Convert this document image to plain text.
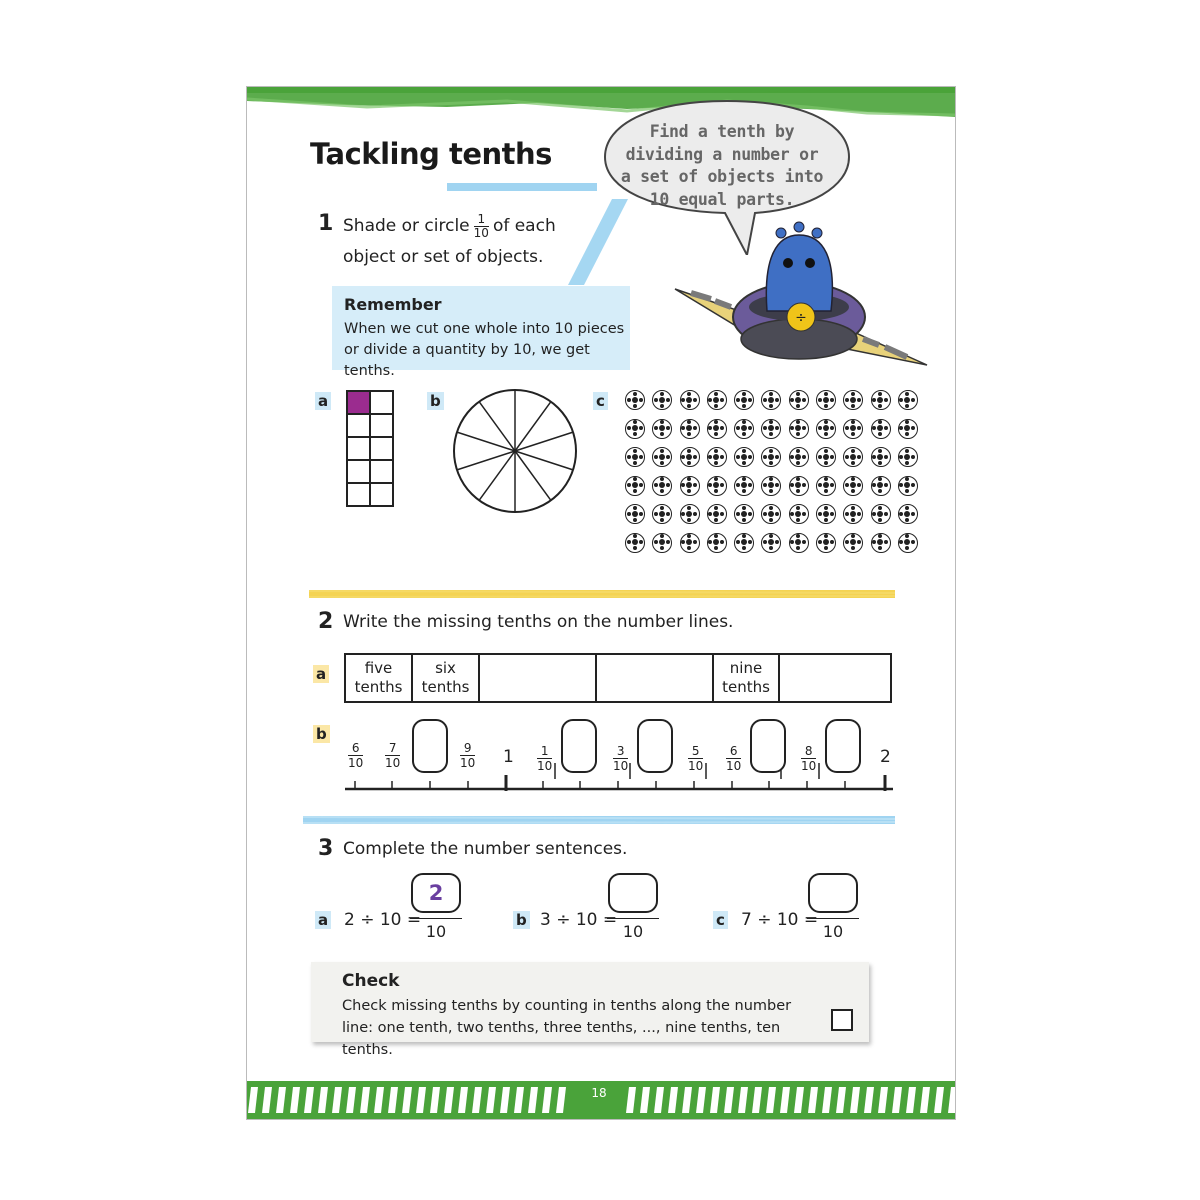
Tackling tenths
Find a tenth by dividing a number or a set of objects into 10 equal parts.
÷
1 Shade or circle $\frac{1}{10}$ of each
object or set of objects.
Remember
When we cut one whole into 10 pieces or divide a quantity by 10, we get tenths.
a	b	c
2 Write the missing tenths on the number lines.
a
b
five
tenths
six
tenths
nine
tenths
$\frac{6}{10} \frac{7}{10}$	$\frac{9}{10} 1 \frac{1}{10}$	$\frac{3}{10}$	$\frac{5}{10} \frac{6}{10}$	$\frac{8}{10}$	2
3 Complete the number sentences.
a 2 ÷ 10 =
2
10
b 3 ÷ 10 =
10
c 7 ÷ 10 =
10
Check
Check missing tenths by counting in tenths along the number line: one tenth, two tenths, three tenths, ..., nine tenths, ten tenths.
18
